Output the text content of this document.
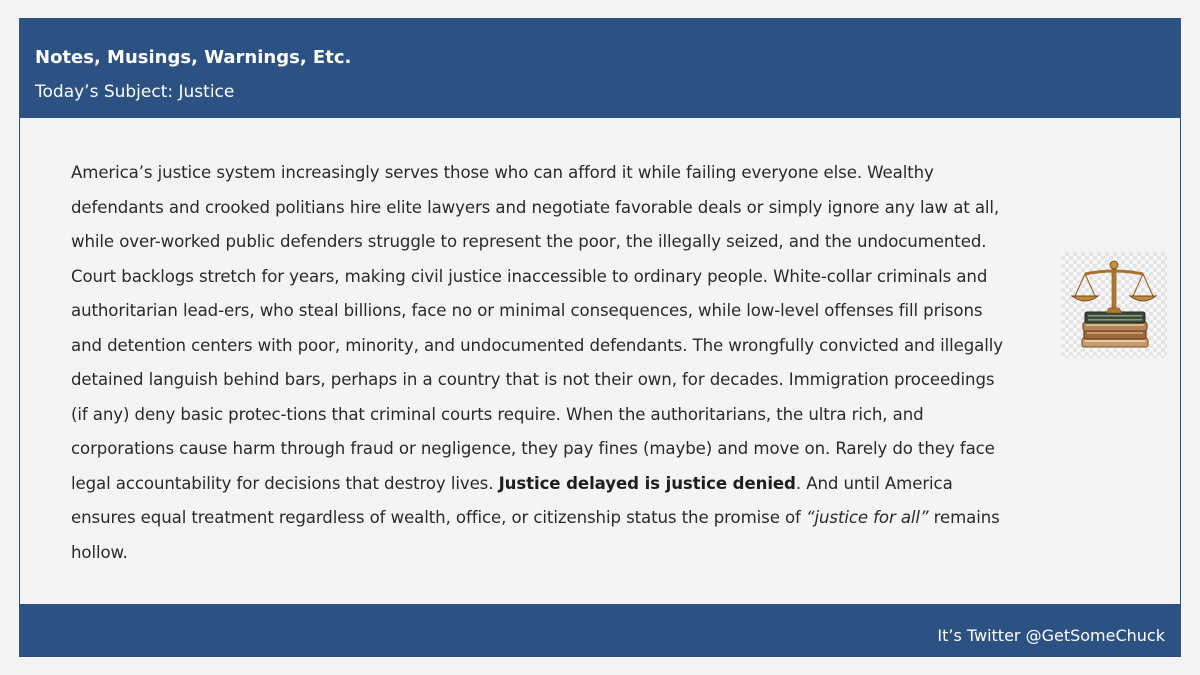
Notes, Musings, Warnings, Etc.
Today’s Subject: Justice

America’s justice system increasingly serves those who can afford it while failing everyone else. Wealthy defendants and crooked politians hire elite lawyers and negotiate favorable deals or simply ignore any law at all, while over-worked public defenders struggle to represent the poor, the illegally seized, and the undocumented. Court backlogs stretch for years, making civil justice inaccessible to ordinary people. White-collar criminals and authoritarian lead-ers, who steal billions, face no or minimal consequences, while low-level offenses fill prisons and detention centers with poor, minority, and undocumented defendants. The wrongfully convicted and illegally detained languish behind bars, perhaps in a country that is not their own, for decades. Immigration proceedings (if any) deny basic protec-tions that criminal courts require. When the authoritarians, the ultra rich, and corporations cause harm through fraud or negligence, they pay fines (maybe) and move on. Rarely do they face legal accountability for decisions that destroy lives. Justice delayed is justice denied. And until America ensures equal treatment regardless of wealth, office, or citizenship status the promise of “justice for all” remains hollow.

It’s Twitter @GetSomeChuck
